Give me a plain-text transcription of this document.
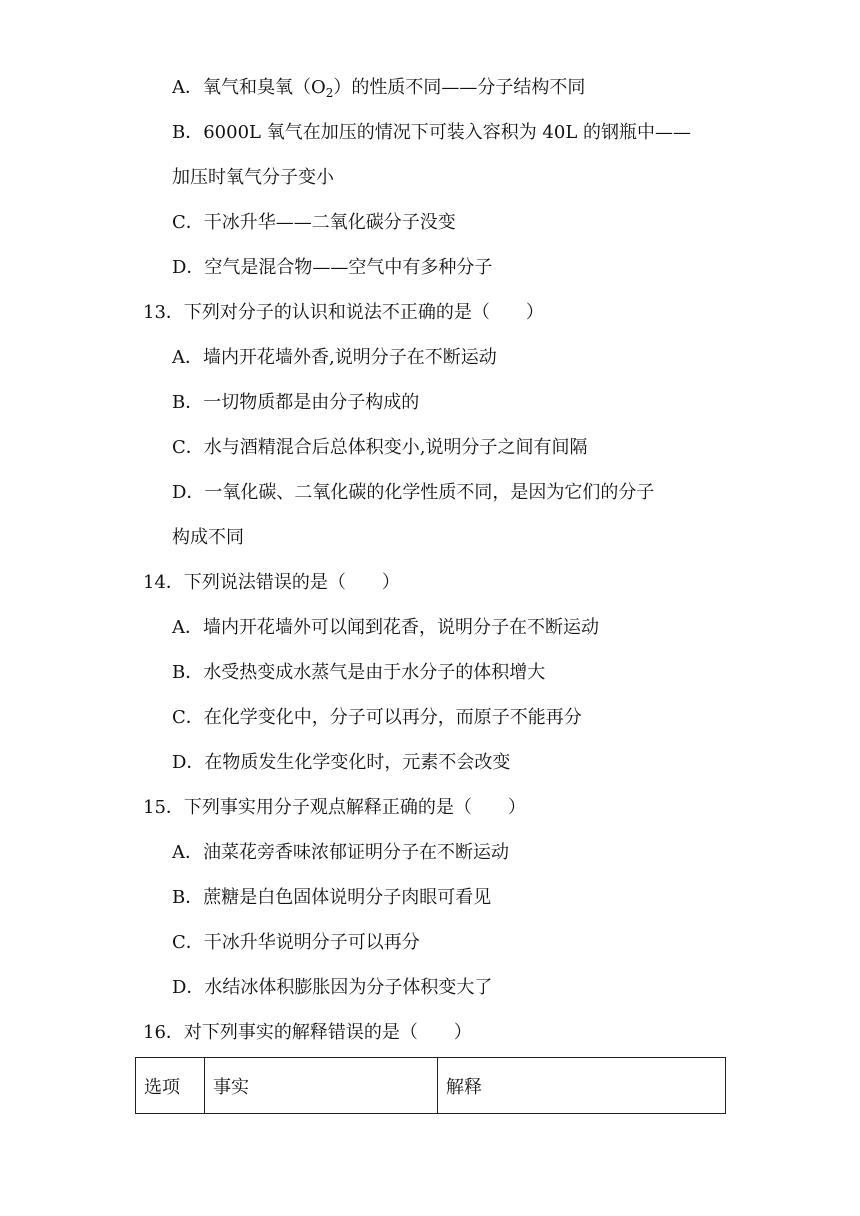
A．氧气和臭氧$(O_2)$的性质不同——分子结构不同
B．6000L 氧气在加压的情况下可装入容积为 40L 的钢瓶中——
加压时氧气分子变小
C．干冰升华——二氧化碳分子没变
D．空气是混合物——空气中有多种分子
13．下列对分子的认识和说法不正确的是（　　）
A．墙内开花墙外香,说明分子在不断运动
B．一切物质都是由分子构成的
C．水与酒精混合后总体积变小,说明分子之间有间隔
D．一氧化碳、二氧化碳的化学性质不同，是因为它们的分子
构成不同
14．下列说法错误的是（　　）
A．墙内开花墙外可以闻到花香，说明分子在不断运动
B．水受热变成水蒸气是由于水分子的体积增大
C．在化学变化中，分子可以再分，而原子不能再分
D．在物质发生化学变化时，元素不会改变
15．下列事实用分子观点解释正确的是（　　）
A．油菜花旁香味浓郁证明分子在不断运动
B．蔗糖是白色固体说明分子肉眼可看见
C．干冰升华说明分子可以再分
D．水结冰体积膨胀因为分子体积变大了
16．对下列事实的解释错误的是（　　）
选项	事实	解释
